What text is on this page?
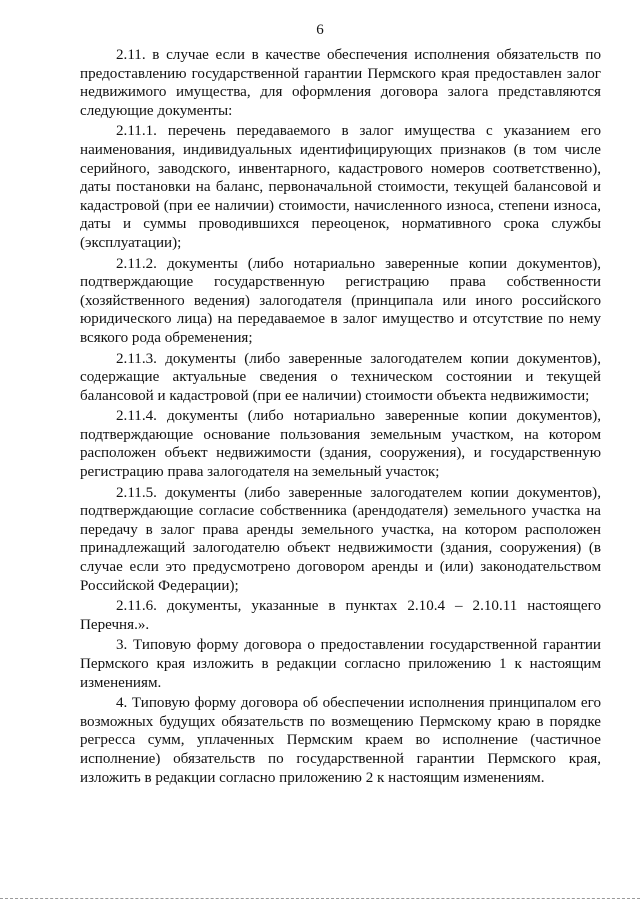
6

2.11. в случае если в качестве обеспечения исполнения обязательств по предоставлению государственной гарантии Пермского края предоставлен залог недвижимого имущества, для оформления договора залога представляются следующие документы:

2.11.1. перечень передаваемого в залог имущества с указанием его наименования, индивидуальных идентифицирующих признаков (в том числе серийного, заводского, инвентарного, кадастрового номеров соответственно), даты постановки на баланс, первоначальной стоимости, текущей балансовой и кадастровой (при ее наличии) стоимости, начисленного износа, степени износа, даты и суммы проводившихся переоценок, нормативного срока службы (эксплуатации);

2.11.2. документы (либо нотариально заверенные копии документов), подтверждающие государственную регистрацию права собственности (хозяйственного ведения) залогодателя (принципала или иного российского юридического лица) на передаваемое в залог имущество и отсутствие по нему всякого рода обременения;

2.11.3. документы (либо заверенные залогодателем копии документов), содержащие актуальные сведения о техническом состоянии и текущей балансовой и кадастровой (при ее наличии) стоимости объекта недвижимости;

2.11.4. документы (либо нотариально заверенные копии документов), подтверждающие основание пользования земельным участком, на котором расположен объект недвижимости (здания, сооружения), и государственную регистрацию права залогодателя на земельный участок;

2.11.5. документы (либо заверенные залогодателем копии документов), подтверждающие согласие собственника (арендодателя) земельного участка на передачу в залог права аренды земельного участка, на котором расположен принадлежащий залогодателю объект недвижимости (здания, сооружения) (в случае если это предусмотрено договором аренды и (или) законодательством Российской Федерации);

2.11.6. документы, указанные в пунктах 2.10.4 – 2.10.11 настоящего Перечня.».

3. Типовую форму договора о предоставлении государственной гарантии Пермского края изложить в редакции согласно приложению 1 к настоящим изменениям.

4. Типовую форму договора об обеспечении исполнения принципалом его возможных будущих обязательств по возмещению Пермскому краю в порядке регресса сумм, уплаченных Пермским краем во исполнение (частичное исполнение) обязательств по государственной гарантии Пермского края, изложить в редакции согласно приложению 2 к настоящим изменениям.
